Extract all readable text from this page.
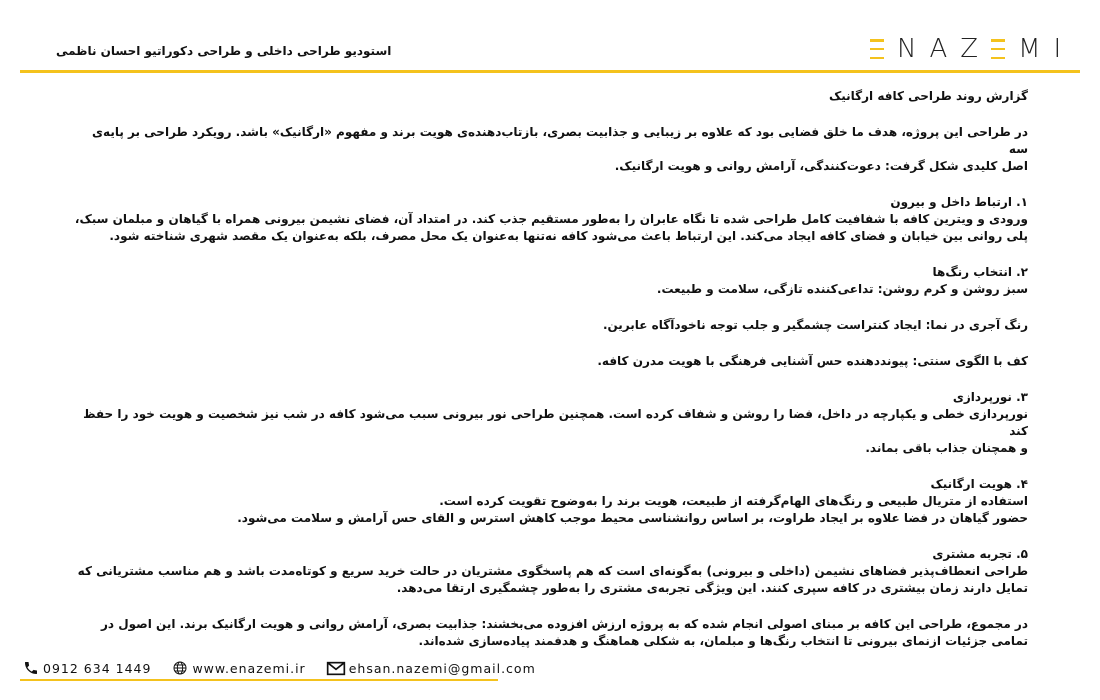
N A Z M I
استودیو طراحی داخلی و طراحی دکوراتیو احسان ناظمی

گزارش روند طراحی کافه ارگانیک

در طراحی این پروژه، هدف ما خلق فضایی بود که علاوه بر زیبایی و جذابیت بصری، بازتاب‌دهنده‌ی هویت برند و مفهوم «ارگانیک» باشد. رویکرد طراحی بر پایه‌ی سه

اصل کلیدی شکل گرفت: دعوت‌کنندگی، آرامش روانی و هویت ارگانیک.

۱. ارتباط داخل و بیرون

ورودی و ویترین کافه با شفافیت کامل طراحی شده تا نگاه عابران را به‌طور مستقیم جذب کند. در امتداد آن، فضای نشیمن بیرونی همراه با گیاهان و مبلمان سبک،

پلی روانی بین خیابان و فضای کافه ایجاد می‌کند. این ارتباط باعث می‌شود کافه نه‌تنها به‌عنوان یک محل مصرف، بلکه به‌عنوان یک مقصد شهری شناخته شود.

۲. انتخاب رنگ‌ها

سبز روشن و کرم روشن: تداعی‌کننده تازگی، سلامت و طبیعت.

رنگ آجری در نما: ایجاد کنتراست چشمگیر و جلب توجه ناخودآگاه عابرین.

کف با الگوی سنتی: پیونددهنده حس آشنایی فرهنگی با هویت مدرن کافه.

۳. نورپردازی

نورپردازی خطی و یکپارچه در داخل، فضا را روشن و شفاف کرده است. همچنین طراحی نور بیرونی سبب می‌شود کافه در شب نیز شخصیت و هویت خود را حفظ کند

و همچنان جذاب باقی بماند.

۴. هویت ارگانیک

استفاده از متریال طبیعی و رنگ‌های الهام‌گرفته از طبیعت، هویت برند را به‌وضوح تقویت کرده است.

حضور گیاهان در فضا علاوه بر ایجاد طراوت، بر اساس روانشناسی محیط موجب کاهش استرس و القای حس آرامش و سلامت می‌شود.

۵. تجربه مشتری

طراحی انعطاف‌پذیر فضاهای نشیمن (داخلی و بیرونی) به‌گونه‌ای است که هم پاسخگوی مشتریان در حالت خرید سریع و کوتاه‌مدت باشد و هم مناسب مشتریانی که

تمایل دارند زمان بیشتری در کافه سپری کنند. این ویژگی تجربه‌ی مشتری را به‌طور چشمگیری ارتقا می‌دهد.

در مجموع، طراحی این کافه بر مبنای اصولی انجام شده که به پروژه ارزش افزوده می‌بخشند: جذابیت بصری، آرامش روانی و هویت ارگانیک برند. این اصول در

تمامی جزئیات ازنمای بیرونی تا انتخاب رنگ‌ها و مبلمان، به شکلی هماهنگ و هدفمند پیاده‌سازی شده‌اند.

0912 634 1449	www.enazemi.ir	ehsan.nazemi@gmail.com
